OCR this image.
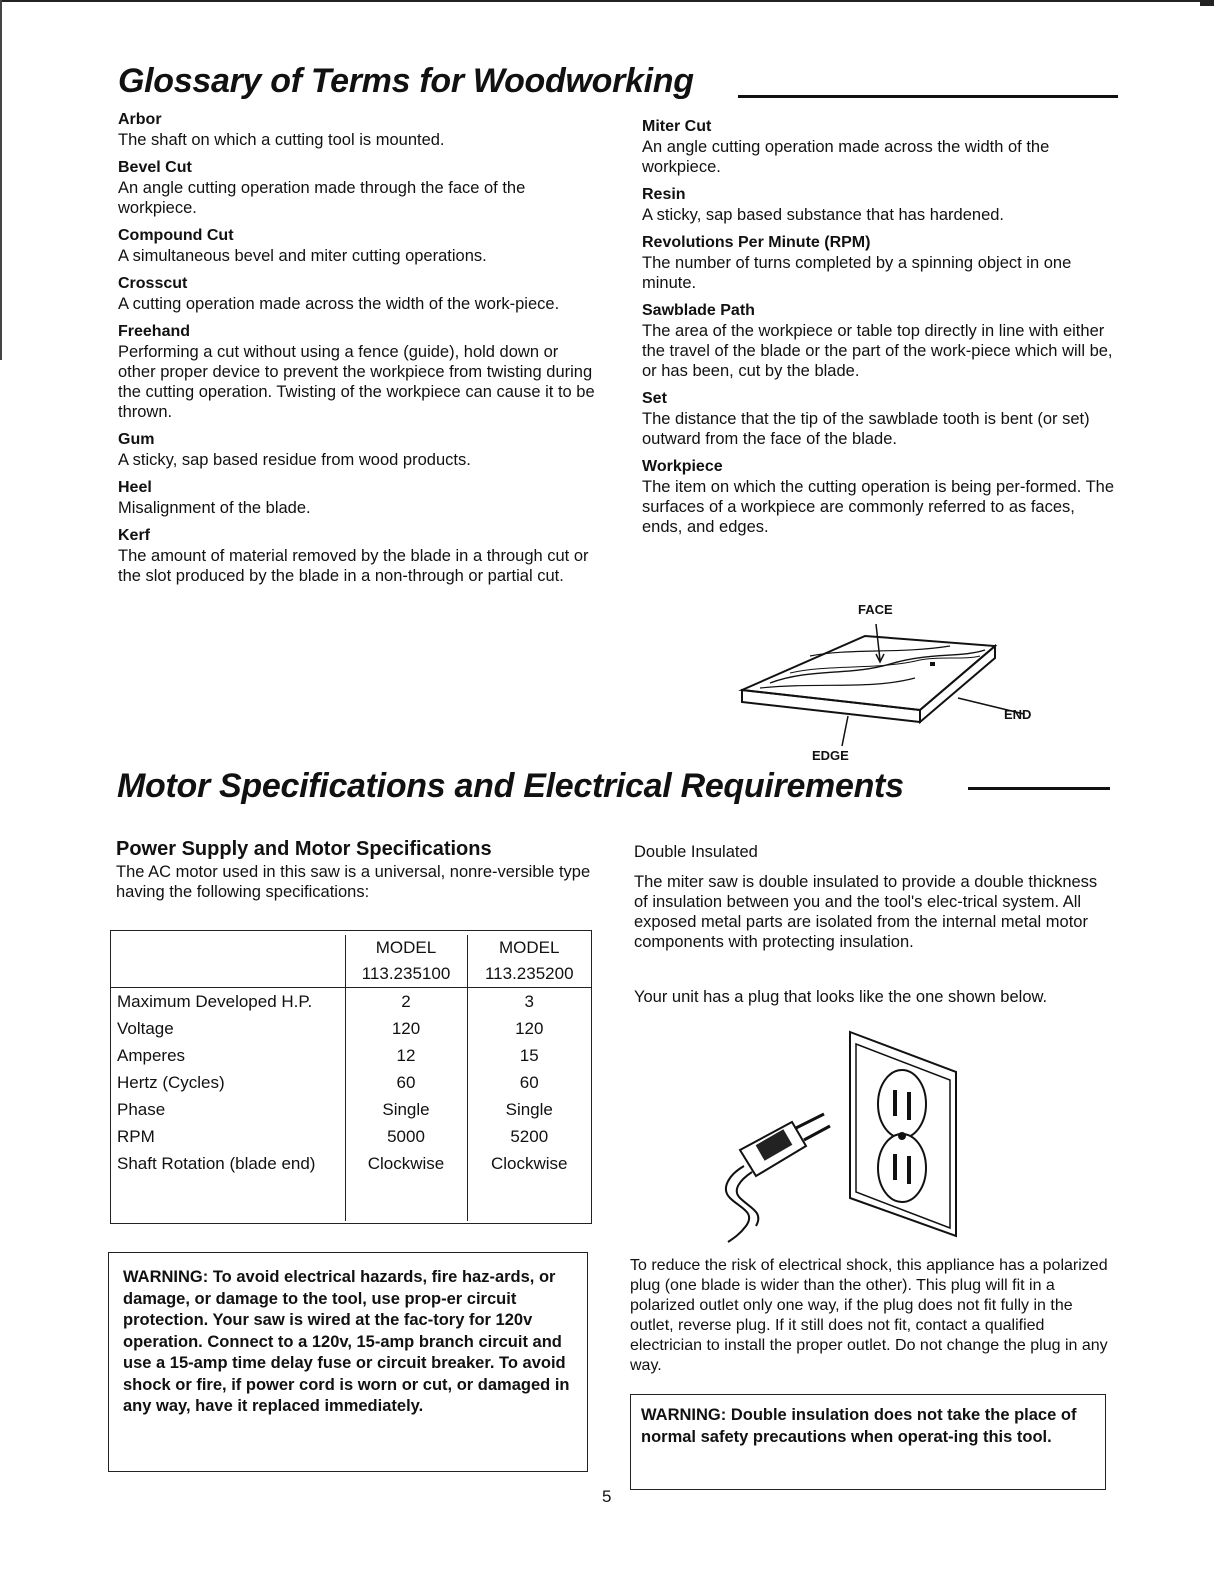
Glossary of Terms for Woodworking
Arbor
The shaft on which a cutting tool is mounted.
Bevel Cut
An angle cutting operation made through the face of the workpiece.
Compound Cut
A simultaneous bevel and miter cutting operations.
Crosscut
A cutting operation made across the width of the work-piece.
Freehand
Performing a cut without using a fence (guide), hold down or other proper device to prevent the workpiece from twisting during the cutting operation. Twisting of the workpiece can cause it to be thrown.
Gum
A sticky, sap based residue from wood products.
Heel
Misalignment of the blade.
Kerf
The amount of material removed by the blade in a through cut or the slot produced by the blade in a non-through or partial cut.
Miter Cut
An angle cutting operation made across the width of the workpiece.
Resin
A sticky, sap based substance that has hardened.
Revolutions Per Minute (RPM)
The number of turns completed by a spinning object in one minute.
Sawblade Path
The area of the workpiece or table top directly in line with either the travel of the blade or the part of the work-piece which will be, or has been, cut by the blade.
Set
The distance that the tip of the sawblade tooth is bent (or set) outward from the face of the blade.
Workpiece
The item on which the cutting operation is being per-formed. The surfaces of a workpiece are commonly referred to as faces, ends, and edges.
FACE
END
EDGE
Motor Specifications and Electrical Requirements
Power Supply and Motor Specifications
The AC motor used in this saw is a universal, nonre-versible type having the following specifications:
	MODEL	MODEL
	113.235100	113.235200
Maximum Developed H.P.	2	3
Voltage	120	120
Amperes	12	15
Hertz (Cycles)	60	60
Phase	Single	Single
RPM	5000	5200
Shaft Rotation (blade end)	Clockwise	Clockwise

WARNING: To avoid electrical hazards, fire haz-ards, or damage, or damage to the tool, use prop-er circuit protection. Your saw is wired at the fac-tory for 120v operation. Connect to a 120v, 15-amp branch circuit and use a 15-amp time delay fuse or circuit breaker. To avoid shock or fire, if power cord is worn or cut, or damaged in any way, have it replaced immediately.
Double Insulated
The miter saw is double insulated to provide a double thickness of insulation between you and the tool's elec-trical system. All exposed metal parts are isolated from the internal metal motor components with protecting insulation.
Your unit has a plug that looks like the one shown below.
To reduce the risk of electrical shock, this appliance has a polarized plug (one blade is wider than the other). This plug will fit in a polarized outlet only one way, if the plug does not fit fully in the outlet, reverse plug. If it still does not fit, contact a qualified electrician to install the proper outlet. Do not change the plug in any way.
WARNING: Double insulation does not take the place of normal safety precautions when operat-ing this tool.
5
